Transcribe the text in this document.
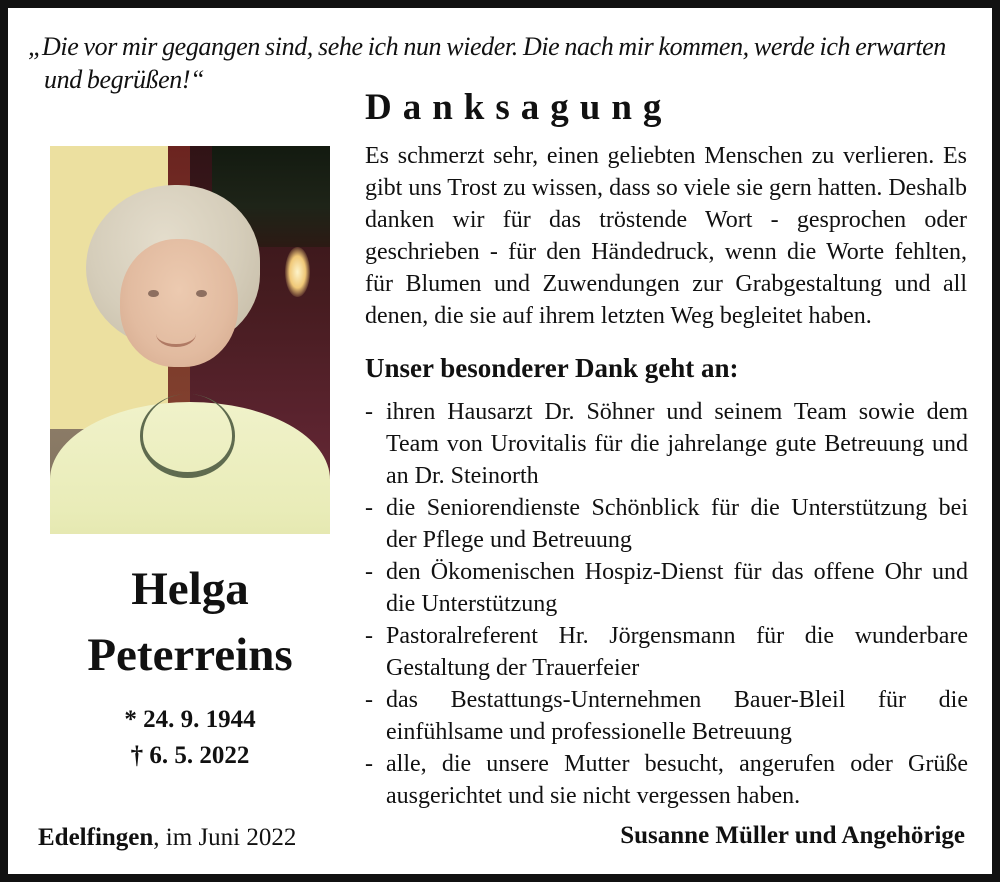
„Die vor mir gegangen sind, sehe ich nun wieder. Die nach mir kommen, werde ich erwarten
und begrüßen!“
Helga
Peterreins
* 24. 9. 1944
† 6. 5. 2022
Danksagung

Es schmerzt sehr, einen geliebten Menschen zu verlieren. Es gibt uns Trost zu wissen, dass so viele sie gern hatten. Deshalb danken wir für das tröstende Wort - gesprochen oder geschrieben - für den Händedruck, wenn die Worte fehlten, für Blumen und Zuwendungen zur Grabgestaltung und all denen, die sie auf ihrem letzten Weg begleitet haben.

Unser besonderer Dank geht an:
- ihren Hausarzt Dr. Söhner und seinem Team sowie dem Team von Urovitalis für die jahrelange gute Betreuung und an Dr. Steinorth
- die Seniorendienste Schönblick für die Unterstützung bei der Pflege und Betreuung
- den Ökomenischen Hospiz-Dienst für das offene Ohr und die Unterstützung
- Pastoralreferent Hr. Jörgensmann für die wunderbare Gestaltung der Trauerfeier
- das Bestattungs-Unternehmen Bauer-Bleil für die einfühlsame und professionelle Betreuung
- alle, die unsere Mutter besucht, angerufen oder Grüße ausgerichtet und sie nicht vergessen haben.
Edelfingen, im Juni 2022	Susanne Müller und Angehörige
